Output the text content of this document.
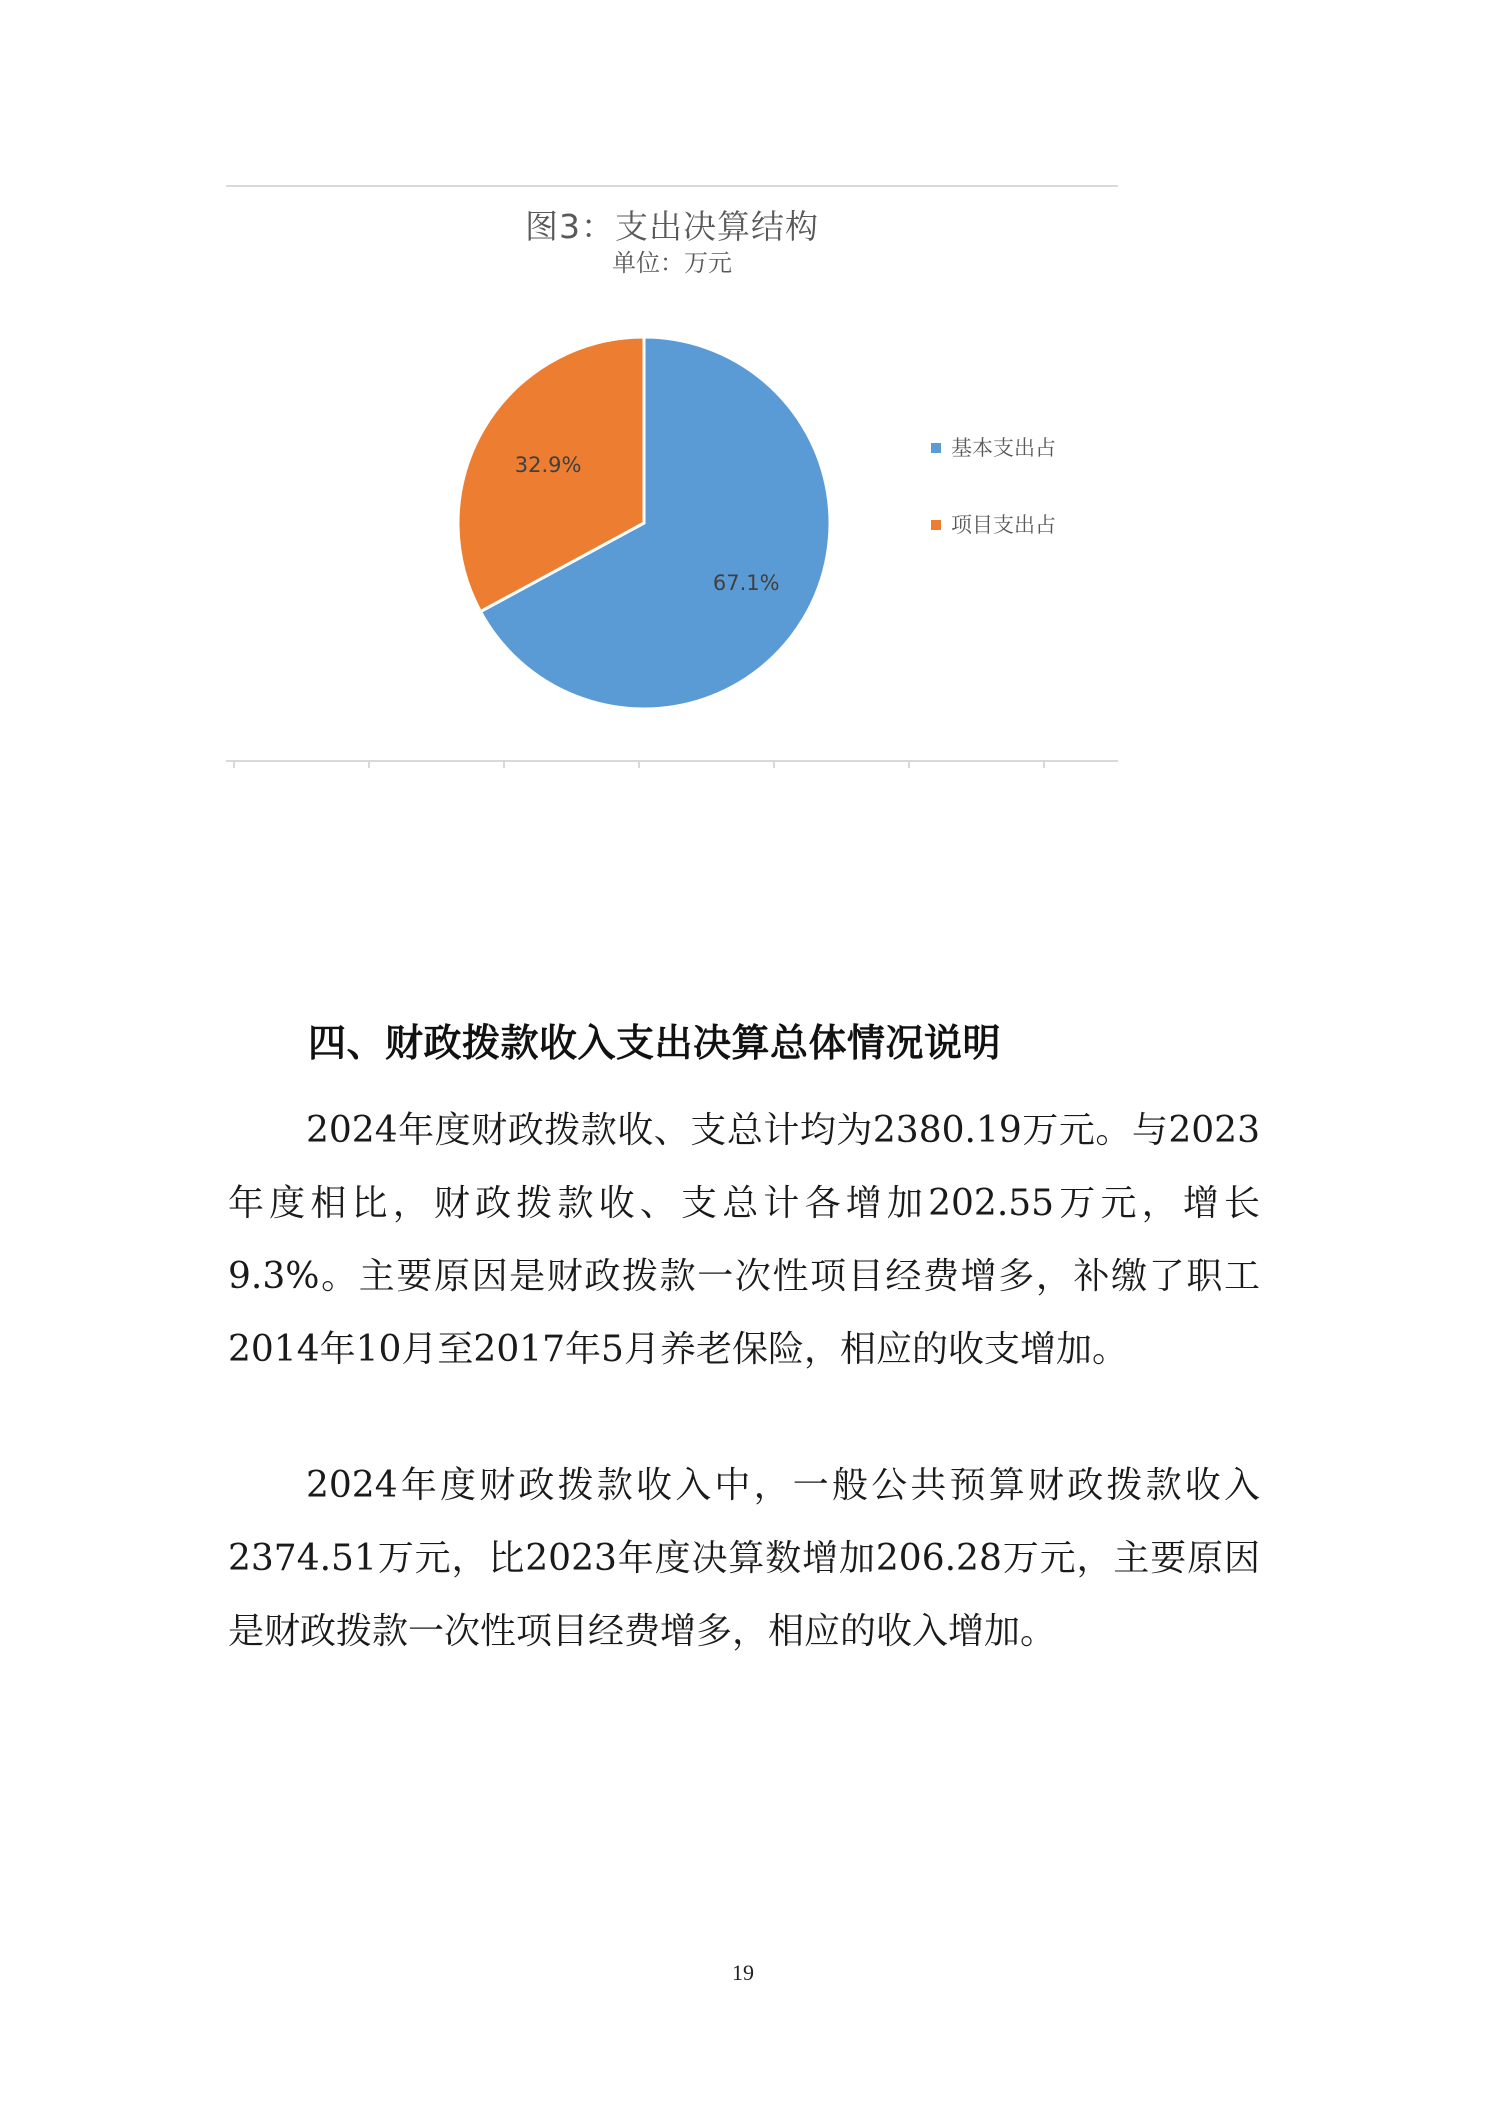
图3：支出决算结构
单位：万元
67.1%
32.9%
基本支出占
项目支出占
四、财政拨款收入支出决算总体情况说明
2024年度财政拨款收、支总计均为2380.19万元。与2023年度相比，财政拨款收、支总计各增加202.55万元，增长9.3%。主要原因是财政拨款一次性项目经费增多，补缴了职工2014年10月至2017年5月养老保险，相应的收支增加。
2024年度财政拨款收入中，一般公共预算财政拨款收入2374.51万元，比2023年度决算数增加206.28万元，主要原因是财政拨款一次性项目经费增多，相应的收入增加。
19
